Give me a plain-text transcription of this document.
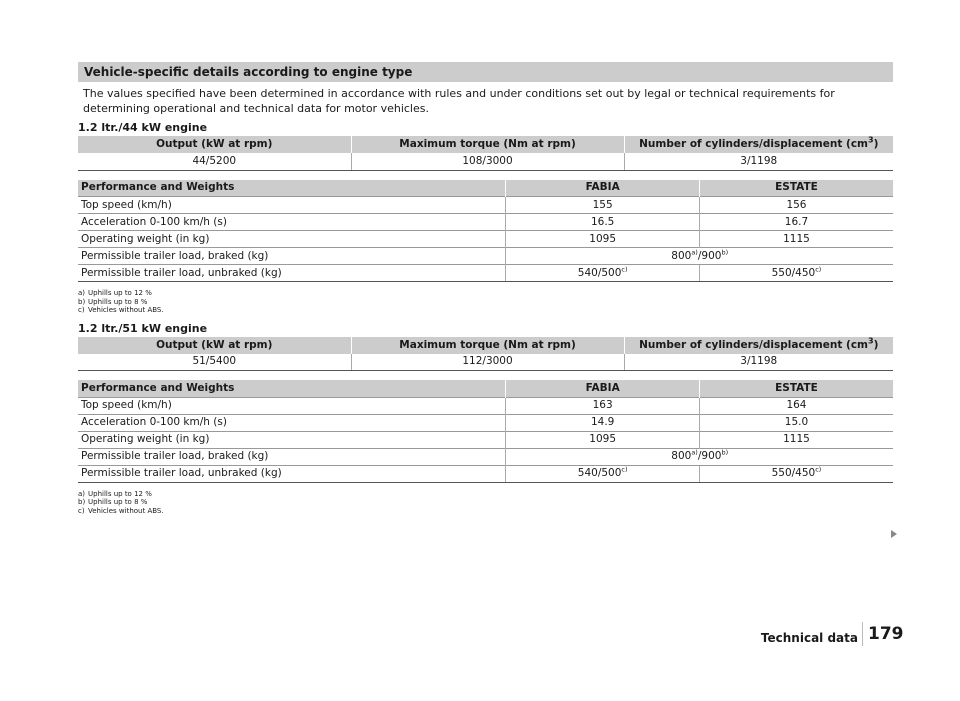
Vehicle-specific details according to engine type
The values specified have been determined in accordance with rules and under conditions set out by legal or technical requirements for determining operational and technical data for motor vehicles.
1.2 ltr./44 kW engine
Output (kW at rpm)	Maximum torque (Nm at rpm)	Number of cylinders/displacement $(cm^3)$
44/5200	108/3000	3/1198
Performance and Weights	FABIA	ESTATE
Top speed (km/h)	155	156
Acceleration 0-100 km/h (s)	16.5	16.7
Operating weight (in kg)	1095	1115
Permissible trailer load, braked (kg)	800$^{a)}$/900$^{b)}$
Permissible trailer load, unbraked (kg)	540/500$^{c)}$	550/450$^{c)}$
a) Uphills up to 12 %
b) Uphills up to 8 %
c) Vehicles without ABS.
1.2 ltr./51 kW engine
Output (kW at rpm)	Maximum torque (Nm at rpm)	Number of cylinders/displacement $(cm^3)$
51/5400	112/3000	3/1198
Performance and Weights	FABIA	ESTATE
Top speed (km/h)	163	164
Acceleration 0-100 km/h (s)	14.9	15.0
Operating weight (in kg)	1095	1115
Permissible trailer load, braked (kg)	800$^{a)}$/900$^{b)}$
Permissible trailer load, unbraked (kg)	540/500$^{c)}$	550/450$^{c)}$
a) Uphills up to 12 %
b) Uphills up to 8 %
c) Vehicles without ABS.
Technical data 179
